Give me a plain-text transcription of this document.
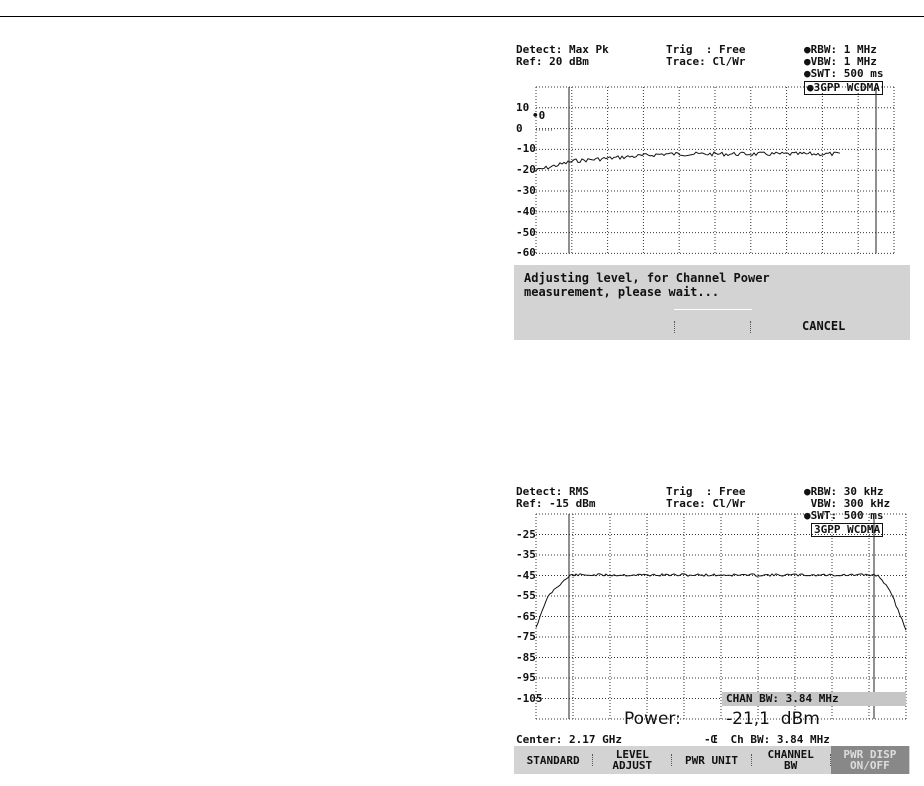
Detect: Max Pk
Ref: 20 dBm
Trig  : Free
Trace: Cl/Wr
●RBW: 1 MHz
●VBW: 1 MHz
●SWT: 500 ms
●3GPP WCDMA
•0
Adjusting level, for Channel Power
measurement, please wait...
CANCEL
10
0
-10
-20
-30
-40
-50
-60
Detect: RMS
Ref: -15 dBm
Trig  : Free
Trace: Cl/Wr
●RBW: 30 kHz
VBW: 300 kHz
●SWT: 500 ms
3GPP WCDMA
CHAN BW: 3.84 MHz
Power:	-21,1  dBm
Center: 2.17 GHz	-Œ  Ch BW: 3.84 MHz
STANDARD	LEVEL
ADJUST	PWR UNIT	CHANNEL
BW
PWR DISP
ON/OFF
-25
-35
-45
-55
-65
-75
-85
-95
-105
